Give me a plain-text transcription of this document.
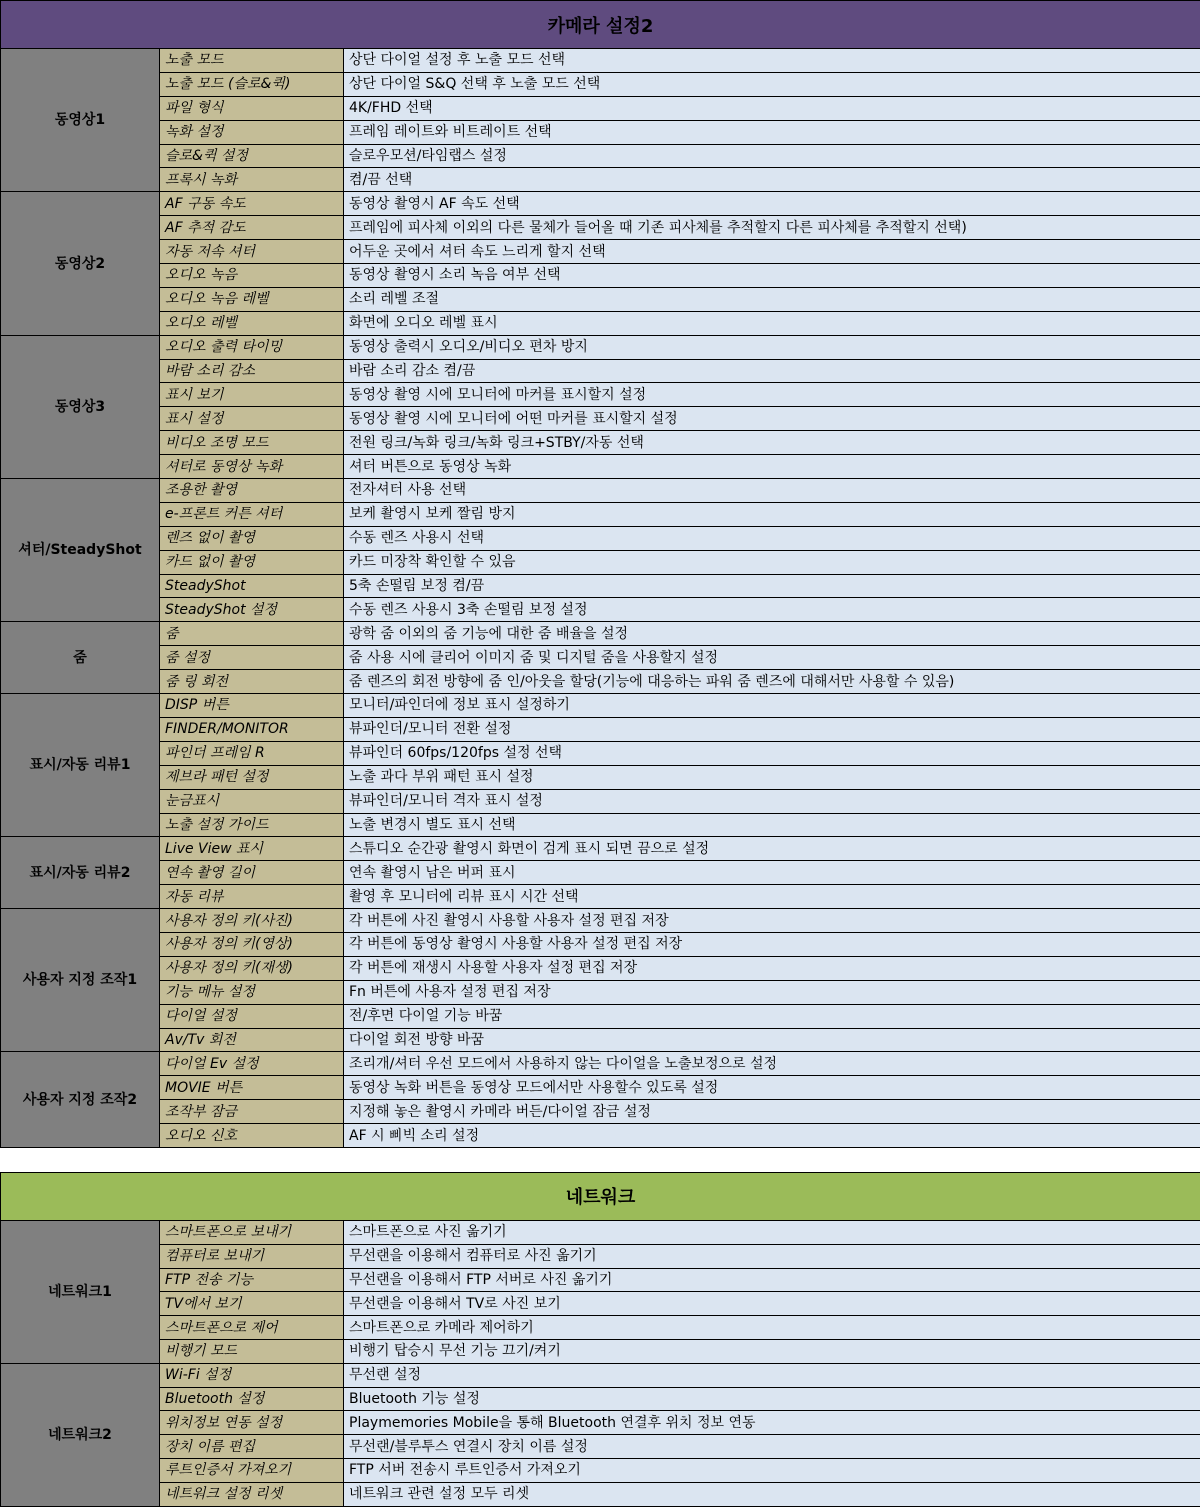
카메라 설정2		
동영상1	노출 모드	상단 다이얼 설정 후 노출 모드 선택
	노출 모드 (슬로&퀵)	상단 다이얼 S&Q 선택 후 노출 모드 선택
	파일 형식	4K/FHD 선택
	녹화 설정	프레임 레이트와 비트레이트 선택
	슬로&퀵 설정	슬로우모션/타임랩스 설정
	프록시 녹화	켬/끔 선택
동영상2	AF 구동 속도	동영상 촬영시 AF 속도 선택
	AF 추적 감도	프레임에 피사체 이외의 다른 물체가 들어올 때 기존 피사체를 추적할지 다른 피사체를 추적할지 선택)
	자동 저속 셔터	어두운 곳에서 셔터 속도 느리게 할지 선택
	오디오 녹음	동영상 촬영시 소리 녹음 여부 선택
	오디오 녹음 레벨	소리 레벨 조절
	오디오 레벨	화면에 오디오 레벨 표시
동영상3	오디오 출력 타이밍	동영상 출력시 오디오/비디오 편차 방지
	바람 소리 감소	바람 소리 감소 켬/끔
	표시 보기	동영상 촬영 시에 모니터에 마커를 표시할지 설정
	표시 설정	동영상 촬영 시에 모니터에 어떤 마커를 표시할지 설정
	비디오 조명 모드	전원 링크/녹화 링크/녹화 링크+STBY/자동 선택
	셔터로 동영상 녹화	셔터 버튼으로 동영상 녹화
셔터/SteadyShot	조용한 촬영	전자셔터 사용 선택
	e-프론트 커튼 셔터	보케 촬영시 보케 짤림 방지
	렌즈 없이 촬영	수동 렌즈 사용시 선택
	카드 없이 촬영	카드 미장착 확인할 수 있음
	SteadyShot	5축 손떨림 보정 켬/끔
	SteadyShot 설정	수동 렌즈 사용시 3축 손떨림 보정 설정
줌	줌	광학 줌 이외의 줌 기능에 대한 줌 배율을 설정
	줌 설정	줌 사용 시에 클리어 이미지 줌 및 디지털 줌을 사용할지 설정
	줌 링 회전	줌 렌즈의 회전 방향에 줌 인/아웃을 할당(기능에 대응하는 파워 줌 렌즈에 대해서만 사용할 수 있음)
표시/자동 리뷰1	DISP 버튼	모니터/파인더에 정보 표시 설정하기
	FINDER/MONITOR	뷰파인더/모니터 전환 설정
	파인더 프레임 R	뷰파인더 60fps/120fps 설정 선택
	제브라 패턴 설정	노출 과다 부위 패턴 표시 설정
	눈금표시	뷰파인더/모니터 격자 표시 설정
	노출 설정 가이드	노출 변경시 별도 표시 선택
표시/자동 리뷰2	Live View 표시	스튜디오 순간광 촬영시 화면이 검게 표시 되면 끔으로 설정
	연속 촬영 길이	연속 촬영시 남은 버퍼 표시
	자동 리뷰	촬영 후 모니터에 리뷰 표시 시간 선택
사용자 지정 조작1	사용자 정의 키(사진)	각 버튼에 사진 촬영시 사용할 사용자 설정 편집 저장
	사용자 정의 키(영상)	각 버튼에 동영상 촬영시 사용할 사용자 설정 편집 저장
	사용자 정의 키(재생)	각 버튼에 재생시 사용할 사용자 설정 편집 저장
	기능 메뉴 설정	Fn 버튼에 사용자 설정 편집 저장
	다이얼 설정	전/후면 다이얼 기능 바꿈
	Av/Tv 회전	다이얼 회전 방향 바꿈
사용자 지정 조작2	다이얼 Ev 설정	조리개/셔터 우선 모드에서 사용하지 않는 다이얼을 노출보정으로 설정
	MOVIE 버튼	동영상 녹화 버튼을 동영상 모드에서만 사용할수 있도록 설정
	조작부 잠금	지정해 놓은 촬영시 카메라 버든/다이얼 잠금 설정
	오디오 신호	AF 시 삐빅 소리 설정
네트워크		
네트워크1	스마트폰으로 보내기	스마트폰으로 사진 옮기기
	컴퓨터로 보내기	무선랜을 이용해서 컴퓨터로 사진 옮기기
	FTP 전송 기능	무선랜을 이용해서 FTP 서버로 사진 옮기기
	TV에서 보기	무선랜을 이용해서 TV로 사진 보기
	스마트폰으로 제어	스마트폰으로 카메라 제어하기
	비행기 모드	비행기 탑승시 무선 기능 끄기/켜기
네트워크2	Wi-Fi 설정	무선랜 설정
	Bluetooth 설정	Bluetooth 기능 설정
	위치정보 연동 설정	Playmemories Mobile을 통해 Bluetooth 연결후 위치 정보 연동
	장치 이름 편집	무선랜/블루투스 연결시 장치 이름 설정
	루트인증서 가져오기	FTP 서버 전송시 루트인증서 가져오기
	네트워크 설정 리셋	네트워크 관련 설정 모두 리셋
